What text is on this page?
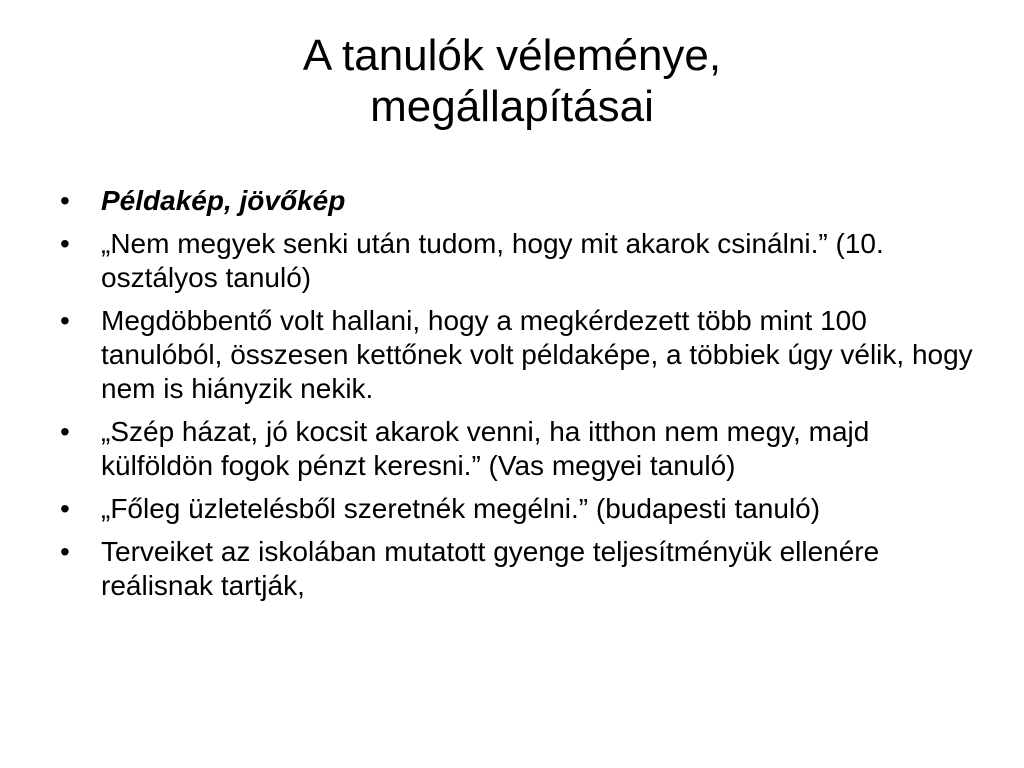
A tanulók véleménye,
megállapításai
• Példakép, jövőkép
• „Nem megyek senki után tudom, hogy mit akarok csinálni.” (10. osztályos tanuló)
• Megdöbbentő volt hallani, hogy a megkérdezett több mint 100 tanulóból, összesen kettőnek volt példaképe, a többiek úgy vélik, hogy nem is hiányzik nekik.
• „Szép házat, jó kocsit akarok venni, ha itthon nem megy, majd külföldön fogok pénzt keresni.” (Vas megyei tanuló)
• „Főleg üzletelésből szeretnék megélni.” (budapesti tanuló)
• Terveiket az iskolában mutatott gyenge teljesítményük ellenére reálisnak tartják,
